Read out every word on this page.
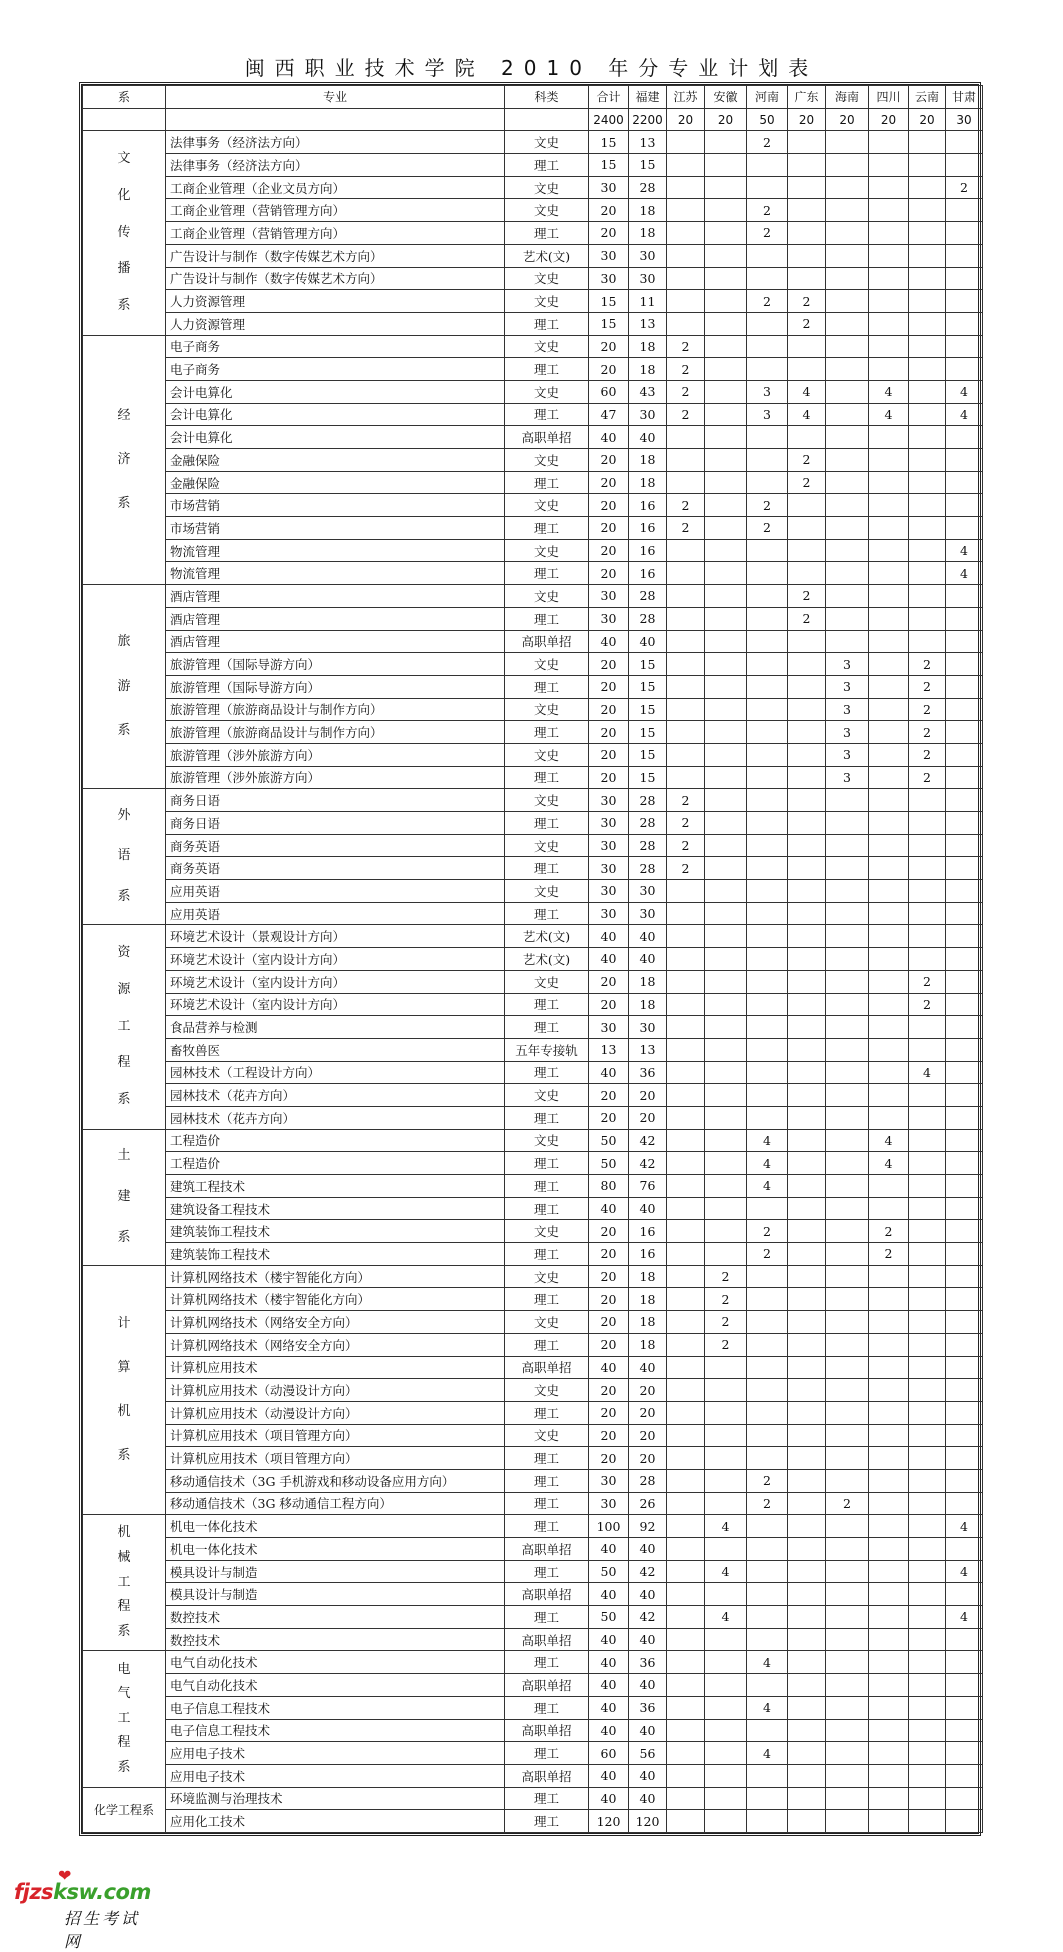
闽西职业技术学院 2010 年分专业计划表
系	专业	科类	合计	福建	江苏	安徽	河南	广东	海南	四川	云南	甘肃
			2400	2200	20	20	50	20	20	20	20	30

文
化
传
播
系	法律事务（经济法方向）	文史	15	13			2					
	法律事务（经济法方向）	理工	15	15								
	工商企业管理（企业文员方向）	文史	30	28								2
	工商企业管理（营销管理方向）	文史	20	18			2					
	工商企业管理（营销管理方向）	理工	20	18			2					
	广告设计与制作（数字传媒艺术方向）	艺术(文)	30	30								
	广告设计与制作（数字传媒艺术方向）	文史	30	30								
	人力资源管理	文史	15	11			2	2				
	人力资源管理	理工	15	13				2				

经
济
系	电子商务	文史	20	18	2							
	电子商务	理工	20	18	2							
	会计电算化	文史	60	43	2		3	4		4		4
	会计电算化	理工	47	30	2		3	4		4		4
	会计电算化	高职单招	40	40								
	金融保险	文史	20	18				2				
	金融保险	理工	20	18				2				
	市场营销	文史	20	16	2		2					
	市场营销	理工	20	16	2		2					
	物流管理	文史	20	16								4
	物流管理	理工	20	16								4

旅
游
系	酒店管理	文史	30	28				2				
	酒店管理	理工	30	28				2				
	酒店管理	高职单招	40	40								
	旅游管理（国际导游方向）	文史	20	15					3		2	
	旅游管理（国际导游方向）	理工	20	15					3		2	
	旅游管理（旅游商品设计与制作方向）	文史	20	15					3		2	
	旅游管理（旅游商品设计与制作方向）	理工	20	15					3		2	
	旅游管理（涉外旅游方向）	文史	20	15					3		2	
	旅游管理（涉外旅游方向）	理工	20	15					3		2	

外
语
系	商务日语	文史	30	28	2							
	商务日语	理工	30	28	2							
	商务英语	文史	30	28	2							
	商务英语	理工	30	28	2							
	应用英语	文史	30	30								
	应用英语	理工	30	30								

资
源
工
程
系	环境艺术设计（景观设计方向）	艺术(文)	40	40								
	环境艺术设计（室内设计方向）	艺术(文)	40	40								
	环境艺术设计（室内设计方向）	文史	20	18							2	
	环境艺术设计（室内设计方向）	理工	20	18							2	
	食品营养与检测	理工	30	30								
	畜牧兽医	五年专接轨	13	13								
	园林技术（工程设计方向）	理工	40	36							4	
	园林技术（花卉方向）	文史	20	20								
	园林技术（花卉方向）	理工	20	20								

土
建
系	工程造价	文史	50	42			4			4		
	工程造价	理工	50	42			4			4		
	建筑工程技术	理工	80	76			4					
	建筑设备工程技术	理工	40	40								
	建筑装饰工程技术	文史	20	16			2			2		
	建筑装饰工程技术	理工	20	16			2			2		

计
算
机
系	计算机网络技术（楼宇智能化方向）	文史	20	18		2						
	计算机网络技术（楼宇智能化方向）	理工	20	18		2						
	计算机网络技术（网络安全方向）	文史	20	18		2						
	计算机网络技术（网络安全方向）	理工	20	18		2						
	计算机应用技术	高职单招	40	40								
	计算机应用技术（动漫设计方向）	文史	20	20								
	计算机应用技术（动漫设计方向）	理工	20	20								
	计算机应用技术（项目管理方向）	文史	20	20								
	计算机应用技术（项目管理方向）	理工	20	20								
	移动通信技术（3G 手机游戏和移动设备应用方向）	理工	30	28			2					
	移动通信技术（3G 移动通信工程方向）	理工	30	26			2		2			

机
械
工
程
系	机电一体化技术	理工	100	92		4						4
	机电一体化技术	高职单招	40	40								
	模具设计与制造	理工	50	42		4						4
	模具设计与制造	高职单招	40	40								
	数控技术	理工	50	42		4						4
	数控技术	高职单招	40	40								

电
气
工
程
系	电气自动化技术	理工	40	36			4					
	电气自动化技术	高职单招	40	40								
	电子信息工程技术	理工	40	36			4					
	电子信息工程技术	高职单招	40	40								
	应用电子技术	理工	60	56			4					
	应用电子技术	高职单招	40	40								
化学工程系	环境监测与治理技术	理工	40	40								
	应用化工技术	理工	120	120								
❤
fjzsksw.com
招生考试网
